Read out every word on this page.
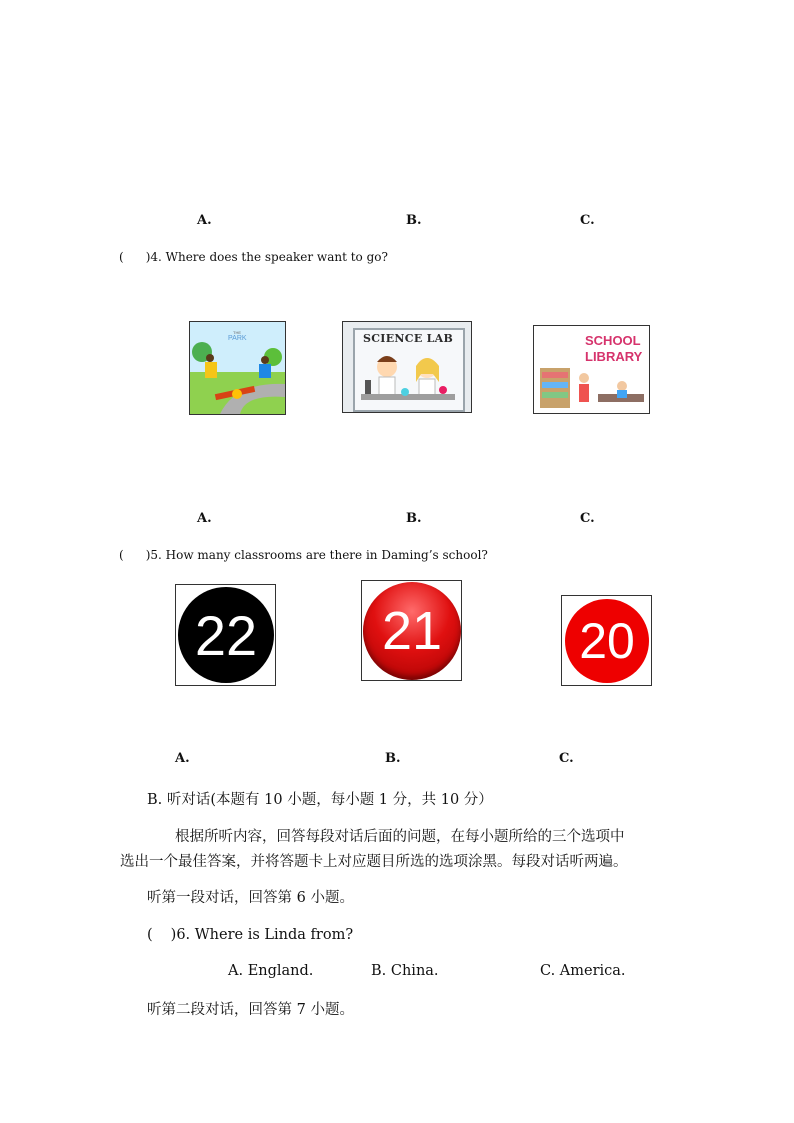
A.	B.	C.
( )4. Where does the speaker want to go?
THE
PARK	SCIENCE LAB	SCHOOL
LIBRARY
A.	B.	C.
( )5. How many classrooms are there in Daming’s school?
22	21	20
A.	B.	C.
B. 听对话(本题有 10 小题，每小题 1 分，共 10 分）
根据所听内容，回答每段对话后面的问题，在每小题所给的三个选项中
选出一个最佳答案，并将答题卡上对应题目所选的选项涂黑。每段对话听两遍。
听第一段对话，回答第 6 小题。
( )6. Where is Linda from?
A. England.	B. China.	C. America.
听第二段对话，回答第 7 小题。
